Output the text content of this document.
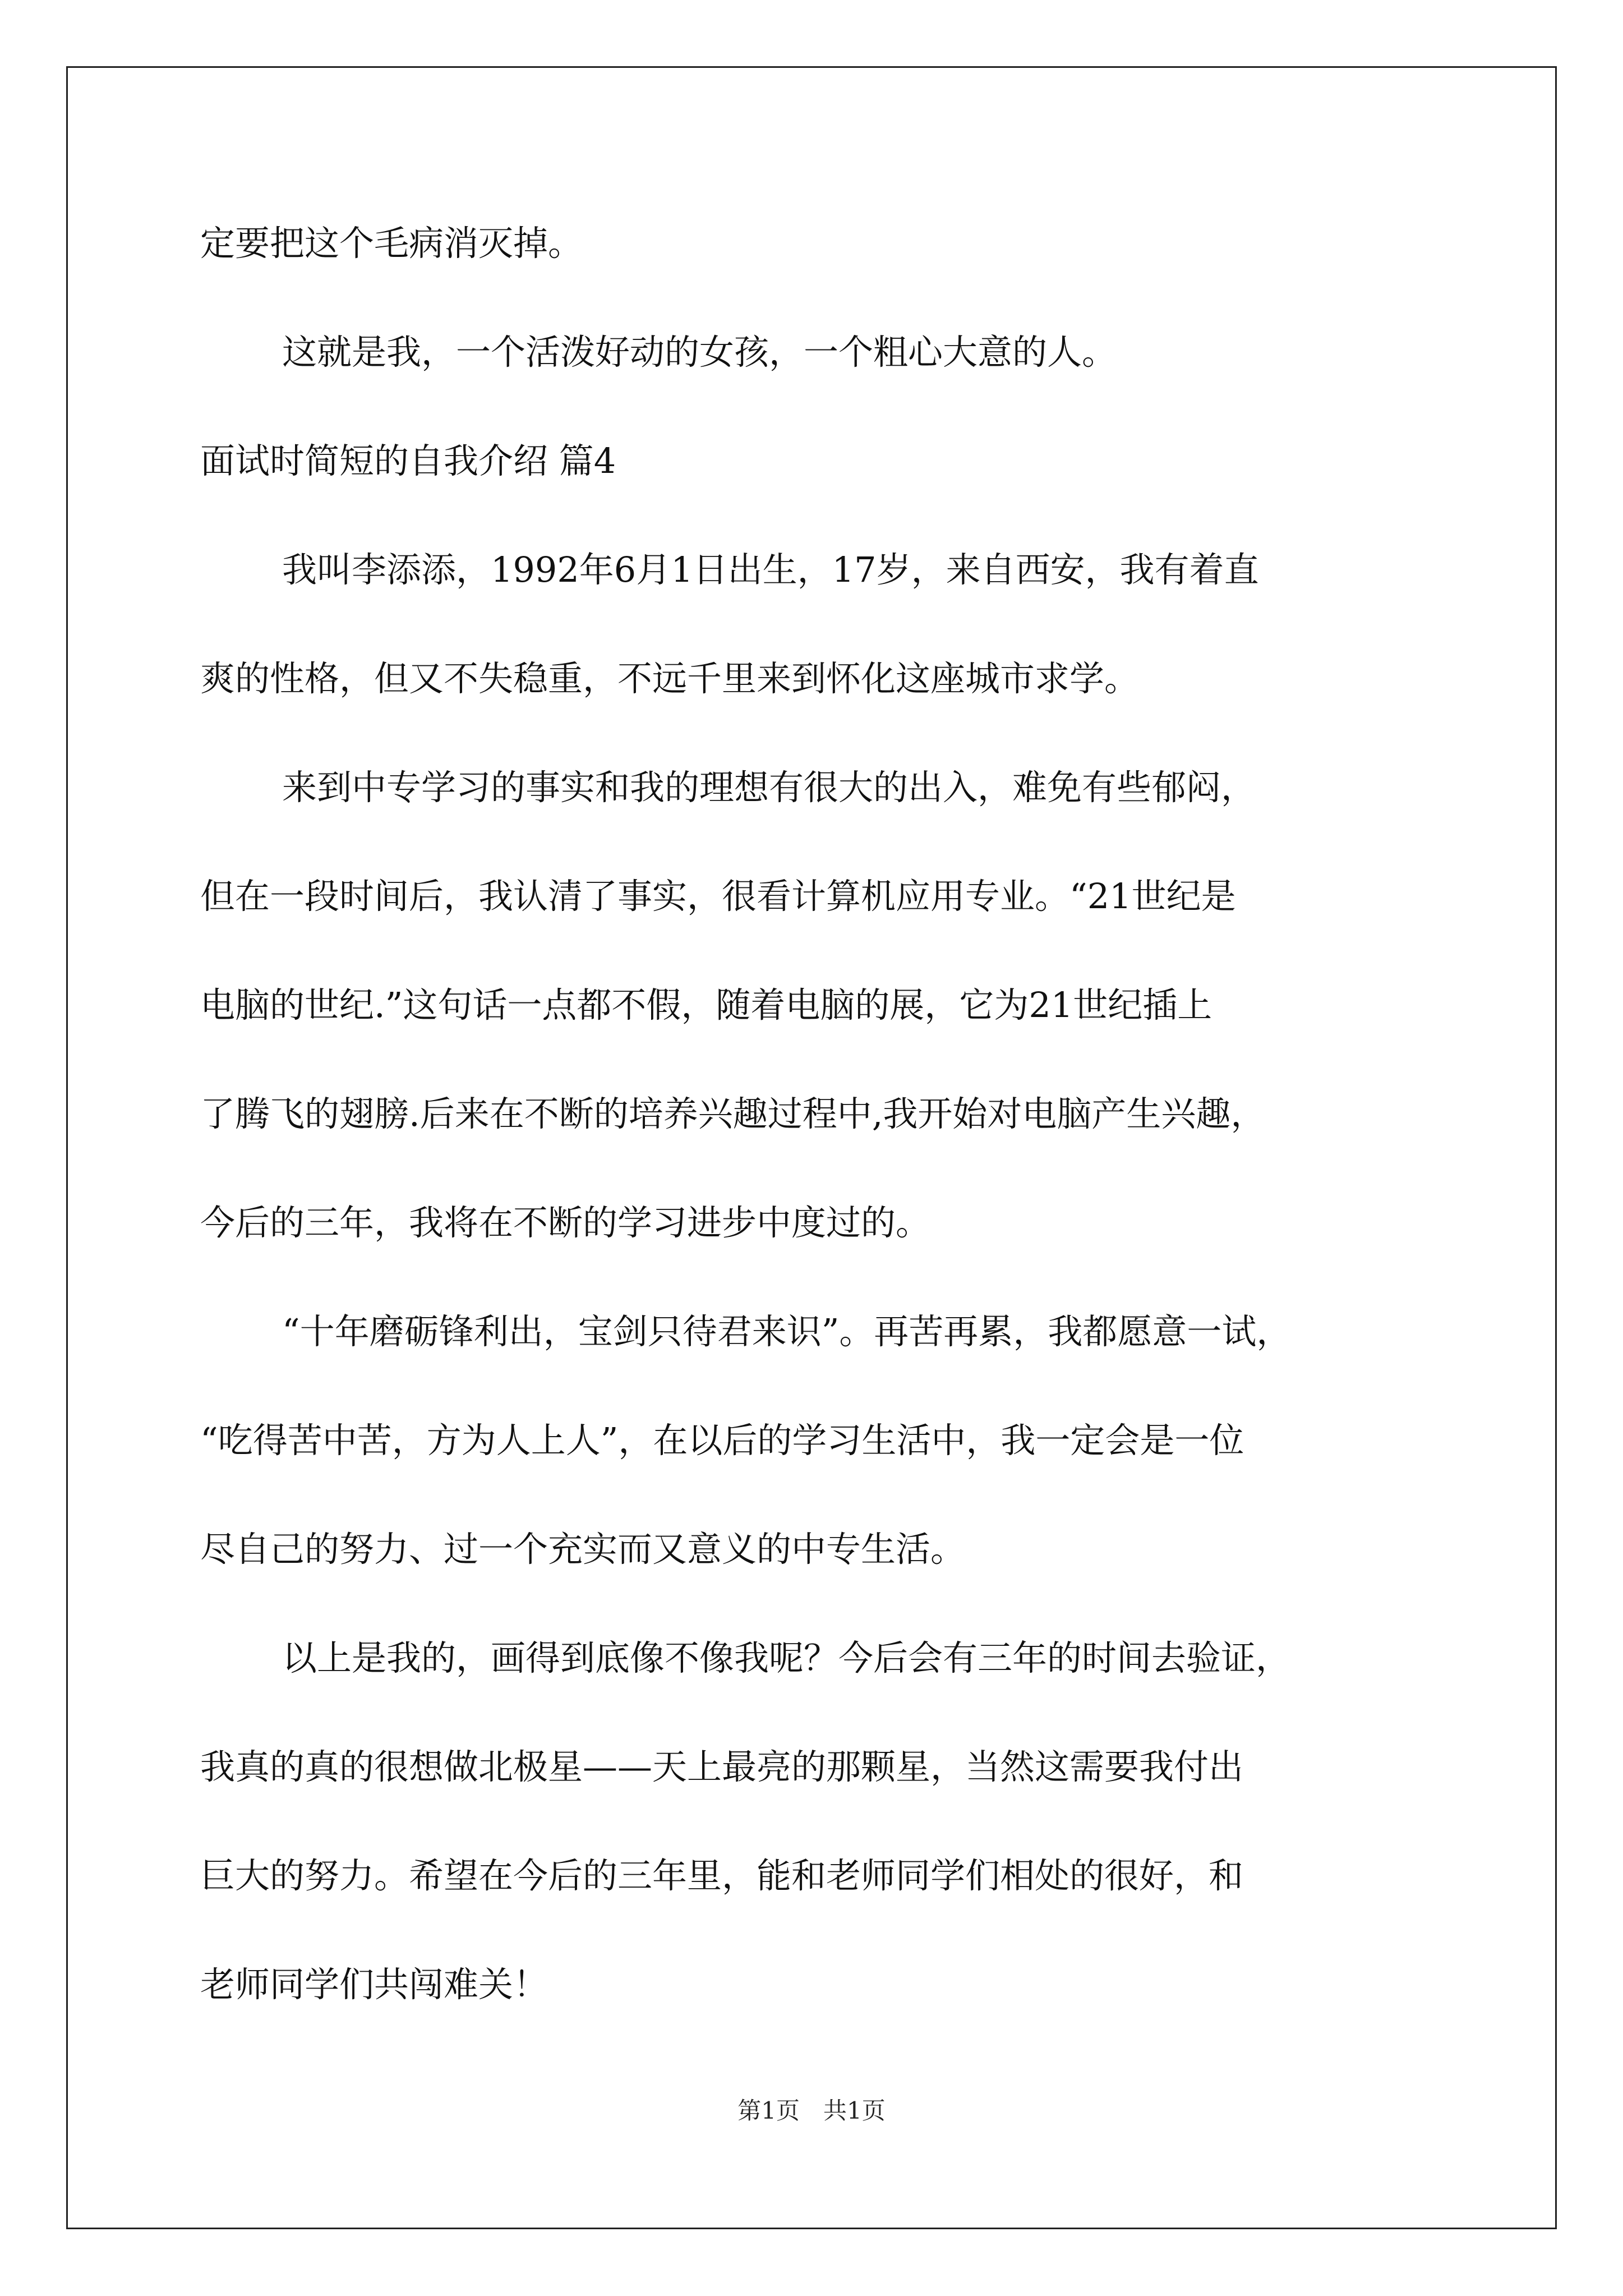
定要把这个毛病消灭掉。

这就是我，一个活泼好动的女孩，一个粗心大意的人。

面试时简短的自我介绍 篇4

我叫李添添，1992年6月1日出生，17岁，来自西安，我有着直

爽的性格，但又不失稳重，不远千里来到怀化这座城市求学。

来到中专学习的事实和我的理想有很大的出入，难免有些郁闷，

但在一段时间后，我认清了事实，很看计算机应用专业。“21世纪是

电脑的世纪.”这句话一点都不假，随着电脑的展，它为21世纪插上

了腾飞的翅膀.后来在不断的培养兴趣过程中,我开始对电脑产生兴趣，

今后的三年，我将在不断的学习进步中度过的。

“十年磨砺锋利出，宝剑只待君来识”。再苦再累，我都愿意一试，

“吃得苦中苦，方为人上人”，在以后的学习生活中，我一定会是一位

尽自己的努力、过一个充实而又意义的中专生活。

以上是我的，画得到底像不像我呢？今后会有三年的时间去验证，

我真的真的很想做北极星——天上最亮的那颗星，当然这需要我付出

巨大的努力。希望在今后的三年里，能和老师同学们相处的很好，和

老师同学们共闯难关！

第1页　共1页
